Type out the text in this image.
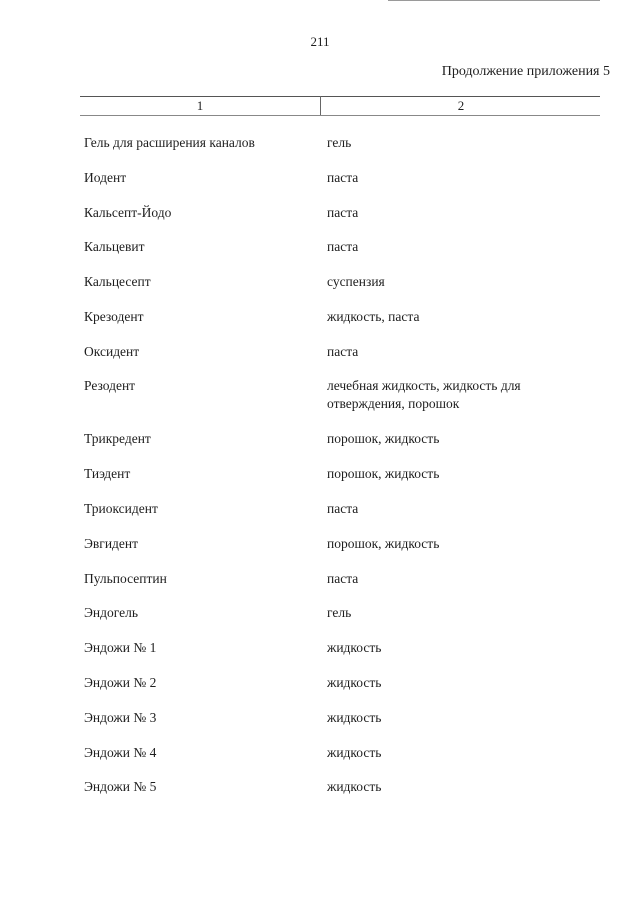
211
Продолжение приложения 5
1	2
Гель для расширения каналов	гель
Иодент	паста
Кальсепт-Йодо	паста
Кальцевит	паста
Кальцесепт	суспензия
Крезодент	жидкость, паста
Оксидент	паста
Резодент	лечебная жидкость, жидкость для отверждения, порошок
Трикредент	порошок, жидкость
Тиэдент	порошок, жидкость
Триоксидент	паста
Эвгидент	порошок, жидкость
Пульпосептин	паста
Эндогель	гель
Эндожи № 1	жидкость
Эндожи № 2	жидкость
Эндожи № 3	жидкость
Эндожи № 4	жидкость
Эндожи № 5	жидкость
